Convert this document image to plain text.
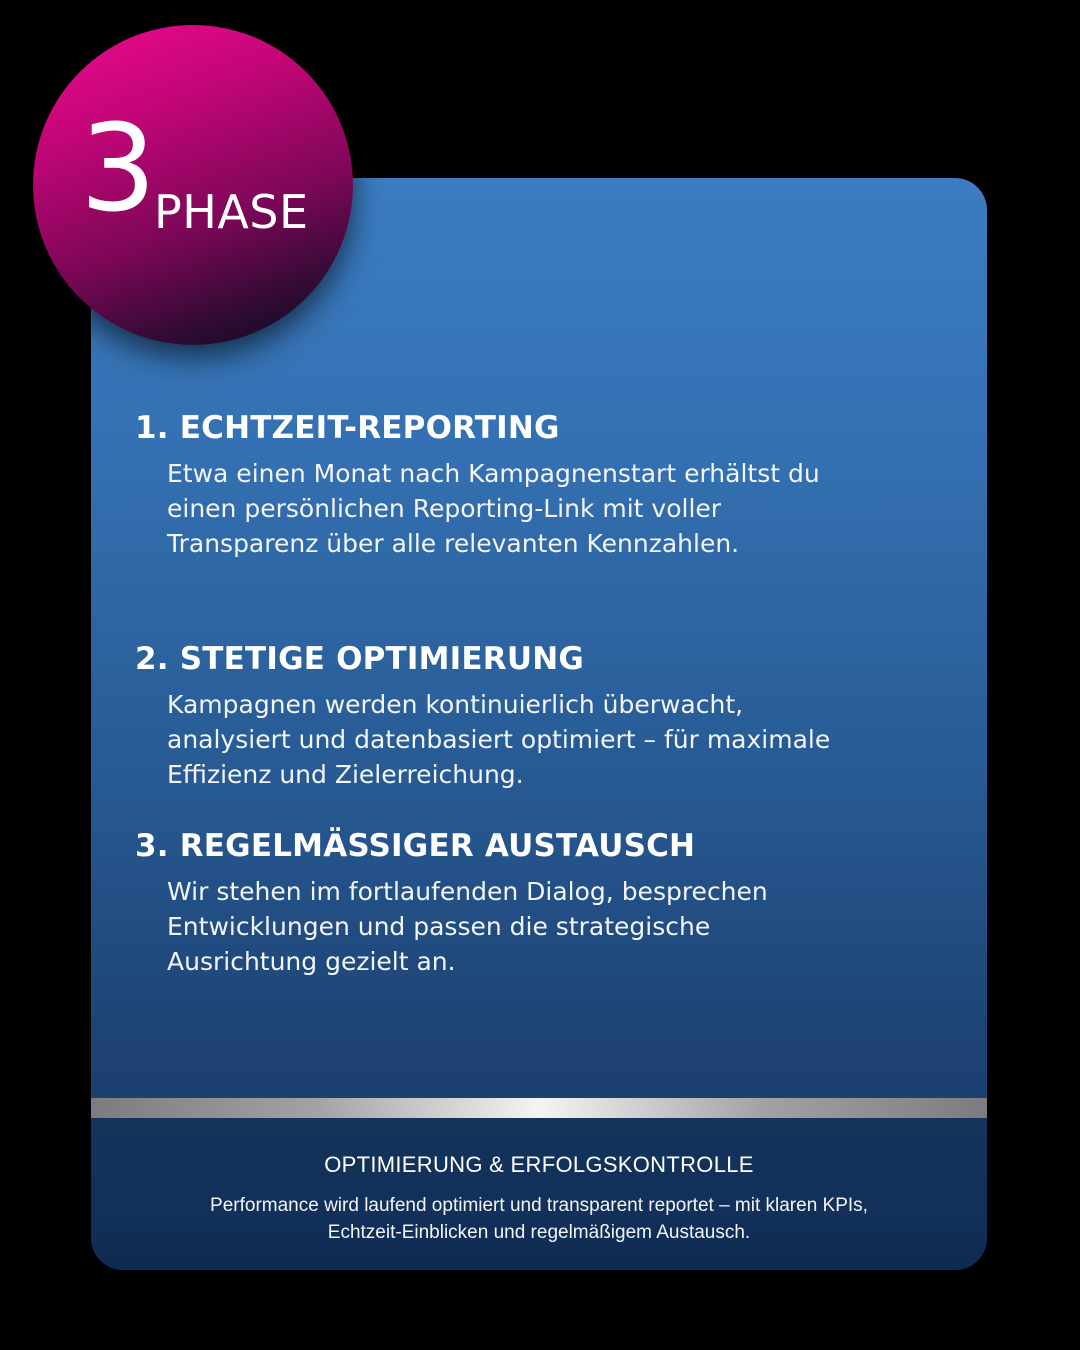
1. ECHTZEIT-REPORTING

Etwa einen Monat nach Kampagnenstart erhältst du einen persönlichen Reporting-Link mit voller Transparenz über alle relevanten Kennzahlen.

2. STETIGE OPTIMIERUNG

Kampagnen werden kontinuierlich überwacht, analysiert und datenbasiert optimiert – für maximale Effizienz und Zielerreichung.

3. REGELMÄSSIGER AUSTAUSCH

Wir stehen im fortlaufenden Dialog, besprechen Entwicklungen und passen die strategische Ausrichtung gezielt an.

OPTIMIERUNG & ERFOLGSKONTROLLE
Performance wird laufend optimiert und transparent reportet – mit klaren KPIs, Echtzeit-Einblicken und regelmäßigem Austausch.
3 PHASE
